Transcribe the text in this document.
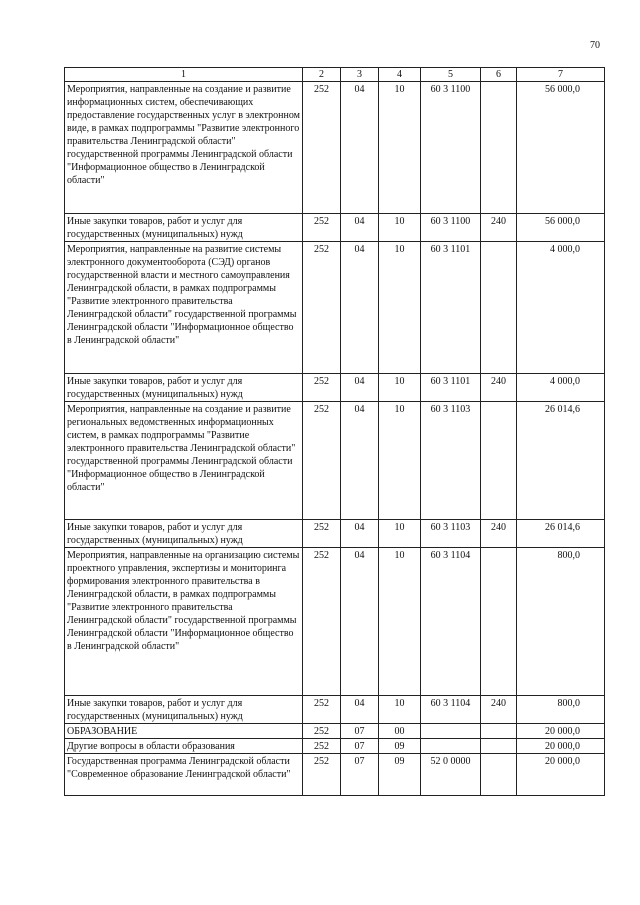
70
1	2	3	4	5	6	7
Мероприятия, направленные на создание и развитие информационных систем, обеспечивающих предоставление государственных услуг в электронном виде, в рамках подпрограммы "Развитие электронного правительства Ленинградской области" государственной программы Ленинградской области "Информационное общество в Ленинградской области"	252	04	10	60 3 1100		56 000,0
Иные закупки товаров, работ и услуг для государственных (муниципальных) нужд	252	04	10	60 3 1100	240	56 000,0
Мероприятия, направленные на развитие системы электронного документооборота (СЭД) органов государственной власти и местного самоуправления Ленинградской области, в рамках подпрограммы "Развитие электронного правительства Ленинградской области" государственной программы Ленинградской области "Информационное общество в Ленинградской области"	252	04	10	60 3 1101		4 000,0
Иные закупки товаров, работ и услуг для государственных (муниципальных) нужд	252	04	10	60 3 1101	240	4 000,0
Мероприятия, направленные на создание и развитие региональных ведомственных информационных систем, в рамках подпрограммы "Развитие электронного правительства Ленинградской области" государственной программы Ленинградской области "Информационное общество в Ленинградской области"	252	04	10	60 3 1103		26 014,6
Иные закупки товаров, работ и услуг для государственных (муниципальных) нужд	252	04	10	60 3 1103	240	26 014,6
Мероприятия, направленные на организацию системы проектного управления, экспертизы и мониторинга формирования электронного правительства в Ленинградской области, в рамках подпрограммы "Развитие электронного правительства Ленинградской области" государственной программы Ленинградской области "Информационное общество в Ленинградской области"	252	04	10	60 3 1104		800,0
Иные закупки товаров, работ и услуг для государственных (муниципальных) нужд	252	04	10	60 3 1104	240	800,0
ОБРАЗОВАНИЕ	252	07	00			20 000,0
Другие вопросы в области образования	252	07	09			20 000,0
Государственная программа Ленинградской области "Современное образование Ленинградской области"	252	07	09	52 0 0000		20 000,0
